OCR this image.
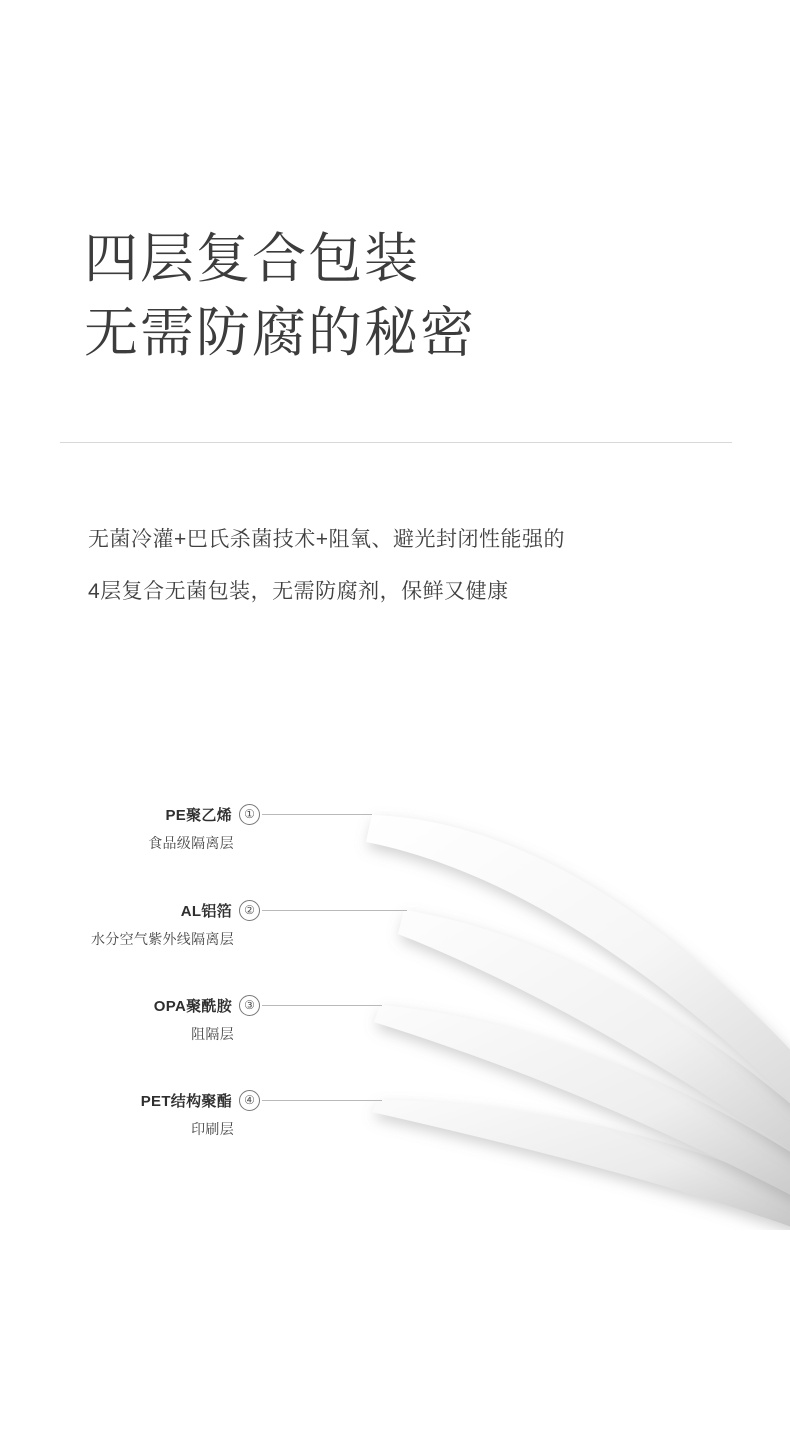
四层复合包装
无需防腐的秘密
无菌冷灌+巴氏杀菌技术+阻氧、避光封闭性能强的
4层复合无菌包装，无需防腐剂，保鲜又健康
PE聚乙烯	①
食品级隔离层
AL铝箔	②
水分空气紫外线隔离层
OPA聚酰胺	③
阻隔层
PET结构聚酯	④
印刷层
